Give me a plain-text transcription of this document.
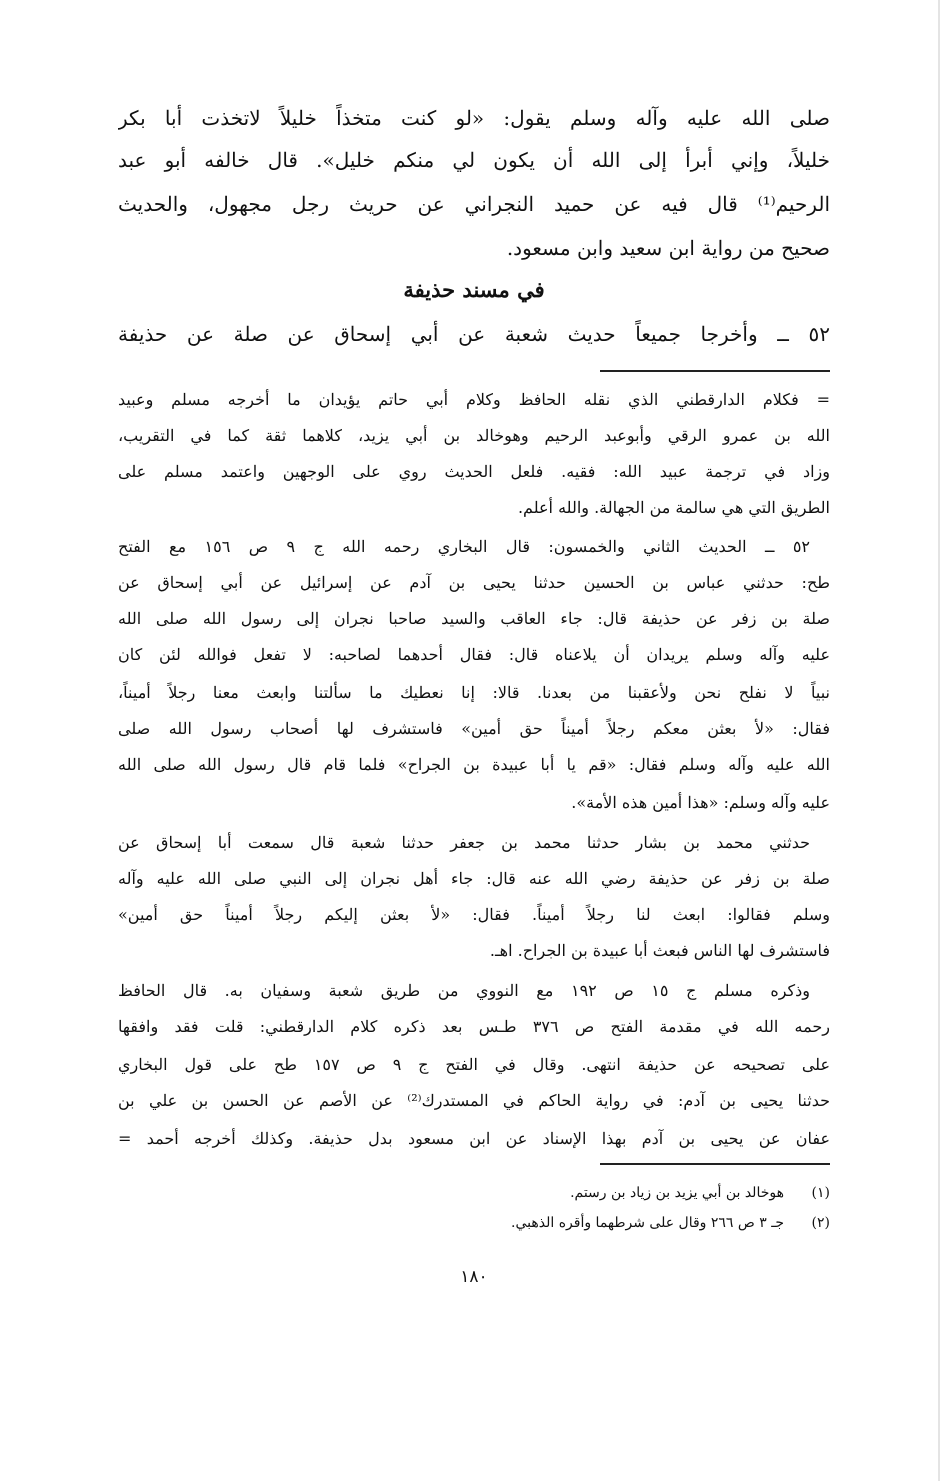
صلى الله عليه وآله وسلم يقول: «لو كنت متخذاً خليلاً لاتخذت أبا بكر
خليلاً، وإني أبرأ إلى الله أن يكون لي منكم خليل». قال خالفه أبو عبد
الرحيم⁽¹⁾ قال فيه عن حميد النجراني عن حريث رجل مجهول، والحديث
صحيح من رواية ابن سعيد وابن مسعود.
في مسند حذيفة
٥٢ ــ وأخرجا جميعاً حديث شعبة عن أبي إسحاق عن صلة عن حذيفة
= فكلام الدارقطني الذي نقله الحافظ وكلام أبي حاتم يؤيدان ما أخرجه مسلم وعبيد
الله بن عمرو الرقي وأبوعبد الرحيم وهوخالد بن أبي يزيد، كلاهما ثقة كما في التقريب،
وزاد في ترجمة عبيد الله: فقيه. فلعل الحديث روي على الوجهين واعتمد مسلم على
الطريق التي هي سالمة من الجهالة. والله أعلم.
٥٢ ــ الحديث الثاني والخمسون: قال البخاري رحمه الله ج ٩ ص ١٥٦ مع الفتح
طح: حدثني عباس بن الحسين حدثنا يحيى بن آدم عن إسرائيل عن أبي إسحاق عن
صلة بن زفر عن حذيفة قال: جاء العاقب والسيد صاحبا نجران إلى رسول الله صلى الله
عليه وآله وسلم يريدان أن يلاعناه قال: فقال أحدهما لصاحبه: لا تفعل فوالله لئن كان
نبياً لا نفلح نحن ولأعقبنا من بعدنا. قالا: إنا نعطيك ما سألتنا وابعث معنا رجلاً أميناً،
فقال: «لأ بعثن معكم رجلاً أميناً حق أمين» فاستشرف لها أصحاب رسول الله صلى
الله عليه وآله وسلم فقال: «قم يا أبا عبيدة بن الجراح» فلما قام قال رسول الله صلى الله
عليه وآله وسلم: «هذا أمين هذه الأمة».
حدثني محمد بن بشار حدثنا محمد بن جعفر حدثنا شعبة قال سمعت أبا إسحاق عن
صلة بن زفر عن حذيفة رضي الله عنه قال: جاء أهل نجران إلى النبي صلى الله عليه وآله
وسلم فقالوا: ابعث لنا رجلاً أميناً. فقال: «لأ بعثن إليكم رجلاً أميناً حق أمين»
فاستشرف لها الناس فبعث أبا عبيدة بن الجراح. اهـ.
وذكره مسلم ج ١٥ ص ١٩٢ مع النووي من طريق شعبة وسفيان به. قال الحافظ
رحمه الله في مقدمة الفتح ص ٣٧٦ طـس بعد ذكره كلام الدارقطني: قلت فقد وافقها
على تصحيحه عن حذيفة انتهى. وقال في الفتح ج ٩ ص ١٥٧ طح على قول البخاري
حدثنا يحيى بن آدم: في رواية الحاكم في المستدرك⁽²⁾ عن الأصم عن الحسن بن علي بن
عفان عن يحيى بن آدم بهذا الإسناد عن ابن مسعود بدل حذيفة. وكذلك أخرجه أحمد =
(١)هوخالد بن أبي يزيد بن زياد بن رستم.
(٢)جـ ٣ ص ٢٦٦ وقال على شرطهما وأقره الذهبي.
١٨٠
